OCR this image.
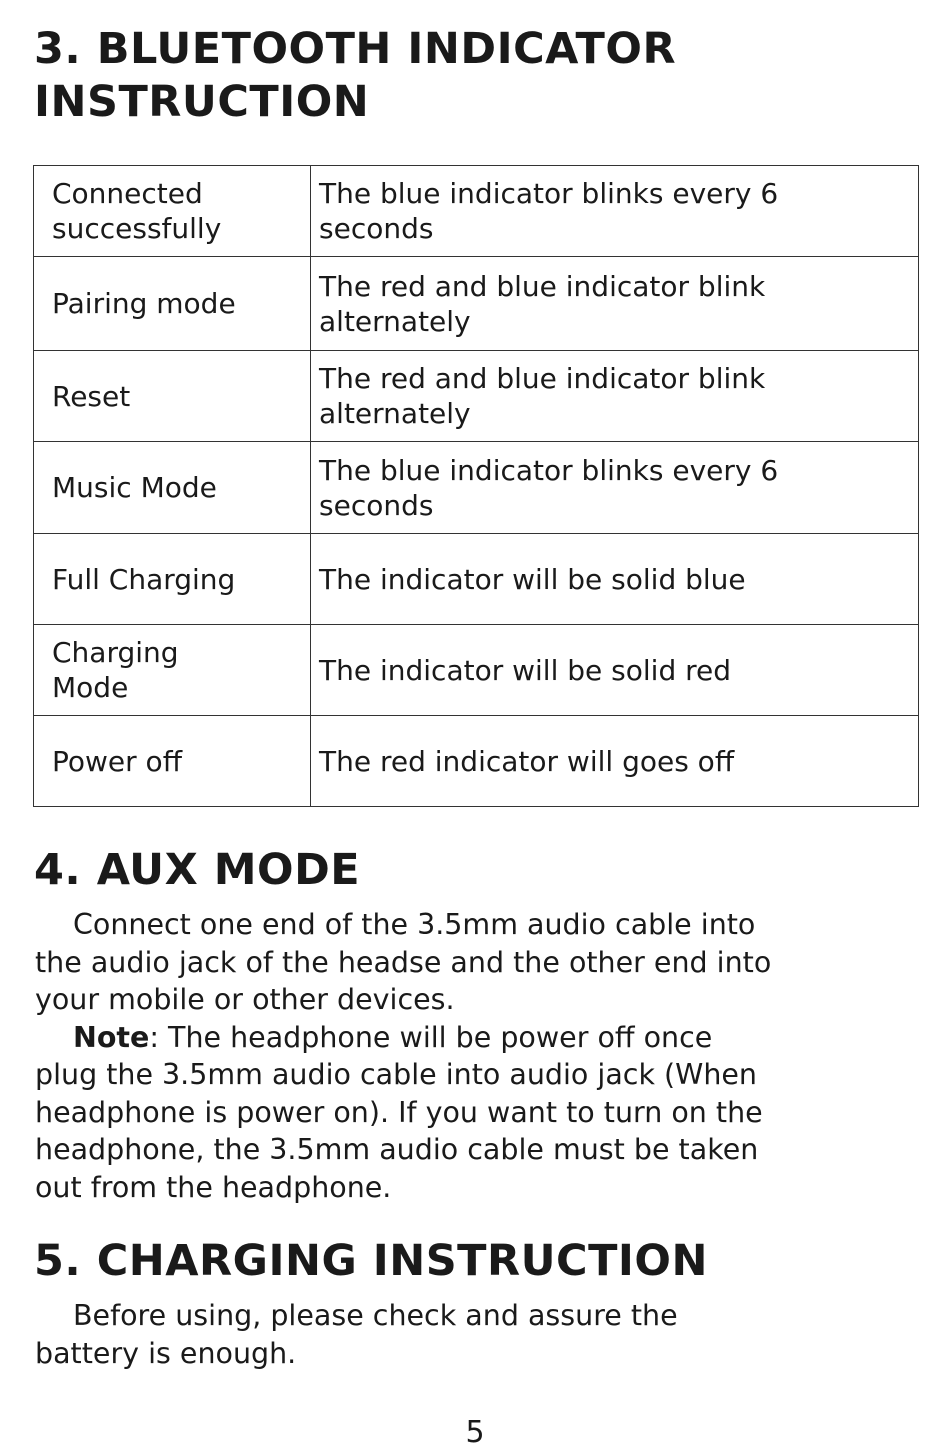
3. BLUETOOTH INDICATOR
INSTRUCTION
Connected
successfully	The blue indicator blinks every 6
seconds

Pairing mode	The red and blue indicator blink
alternately

Reset	The red and blue indicator blink
alternately

Music Mode	The blue indicator blinks every 6
seconds

Full Charging	The indicator will be solid blue

Charging
Mode	The indicator will be solid red

Power off	The red indicator will goes off
4. AUX MODE
Connect one end of the 3.5mm audio cable into
the audio jack of the headse and the other end into
your mobile or other devices.
Note: The headphone will be power off once
plug the 3.5mm audio cable into audio jack (When
headphone is power on). If you want to turn on the
headphone, the 3.5mm audio cable must be taken
out from the headphone.
5. CHARGING INSTRUCTION
Before using, please check and assure the
battery is enough.
5
